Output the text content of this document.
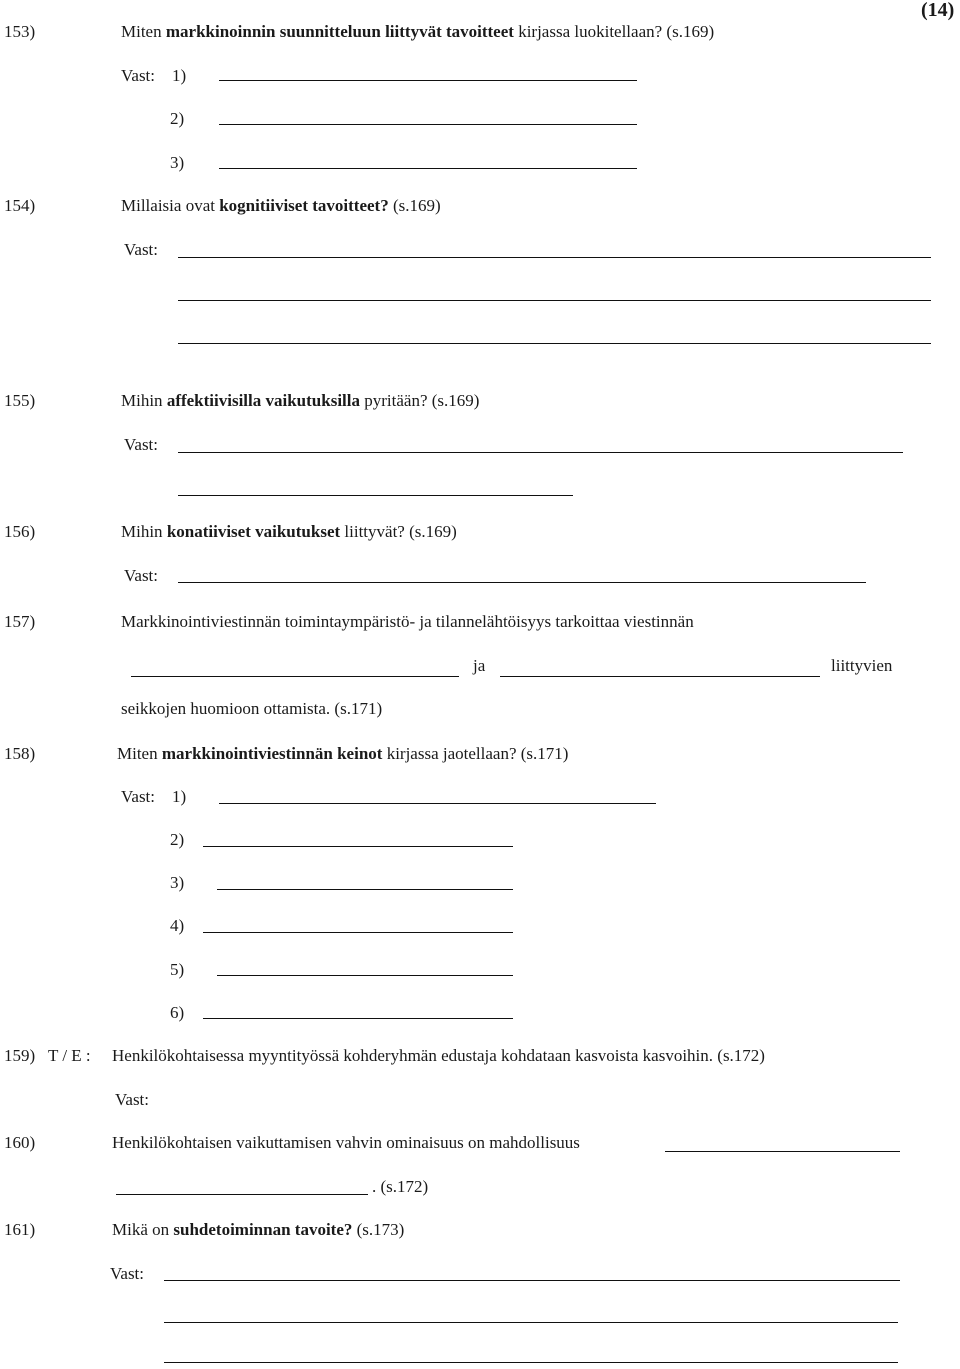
(14)
153)	Miten markkinoinnin suunnitteluun liittyvät tavoitteet kirjassa luokitellaan? (s.169)
Vast: 1)
2)
3)
154)	Millaisia ovat kognitiiviset tavoitteet? (s.169)
Vast:
155)	Mihin affektiivisilla vaikutuksilla pyritään? (s.169)
Vast:
156)	Mihin konatiiviset vaikutukset liittyvät? (s.169)
Vast:
157)	Markkinointiviestinnän toimintaympäristö- ja tilannelähtöisyys tarkoittaa viestinnän
ja	liittyvien
seikkojen huomioon ottamista. (s.171)
158)	Miten markkinointiviestinnän keinot kirjassa jaotellaan? (s.171)
Vast: 1)
2)
3)
4)
5)
6)
159) T / E : Henkilökohtaisessa myyntityössä kohderyhmän edustaja kohdataan kasvoista kasvoihin. (s.172)
Vast:
160)	Henkilökohtaisen vaikuttamisen vahvin ominaisuus on mahdollisuus
. (s.172)
161)	Mikä on suhdetoiminnan tavoite? (s.173)
Vast:
